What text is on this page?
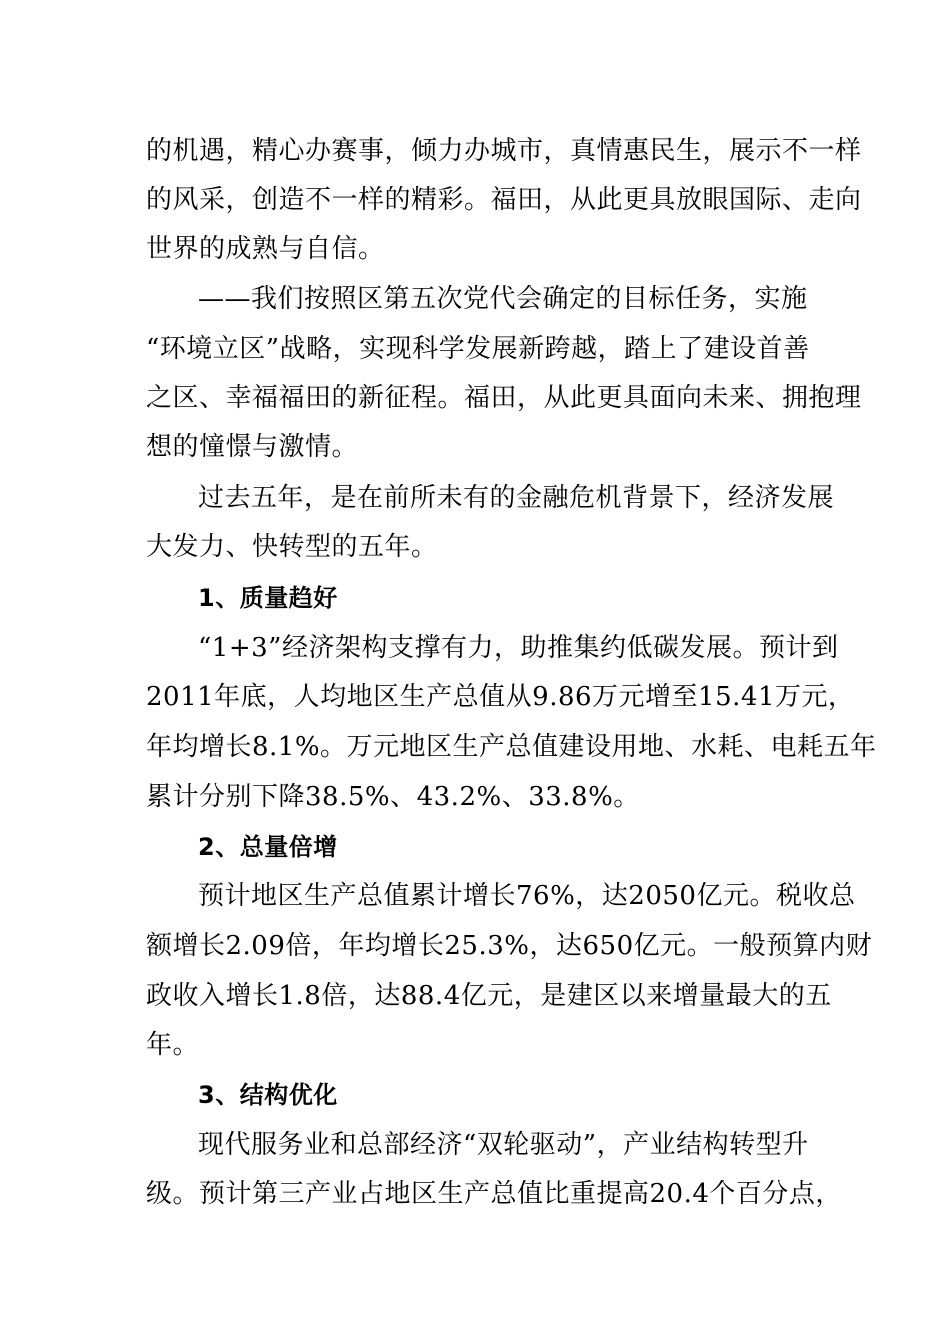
的机遇，精心办赛事，倾力办城市，真情惠民生，展示不一样
的风采，创造不一样的精彩。福田，从此更具放眼国际、走向
世界的成熟与自信。
——我们按照区第五次党代会确定的目标任务，实施
“环境立区”战略，实现科学发展新跨越，踏上了建设首善
之区、幸福福田的新征程。福田，从此更具面向未来、拥抱理
想的憧憬与激情。
过去五年，是在前所未有的金融危机背景下，经济发展
大发力、快转型的五年。
1、质量趋好
“1+3”经济架构支撑有力，助推集约低碳发展。预计到
2011年底，人均地区生产总值从9.86万元增至15.41万元，
年均增长8.1%。万元地区生产总值建设用地、水耗、电耗五年
累计分别下降38.5%、43.2%、33.8%。
2、总量倍增
预计地区生产总值累计增长76%，达2050亿元。税收总
额增长2.09倍，年均增长25.3%，达650亿元。一般预算内财
政收入增长1.8倍，达88.4亿元，是建区以来增量最大的五
年。
3、结构优化
现代服务业和总部经济“双轮驱动”，产业结构转型升
级。预计第三产业占地区生产总值比重提高20.4个百分点，
